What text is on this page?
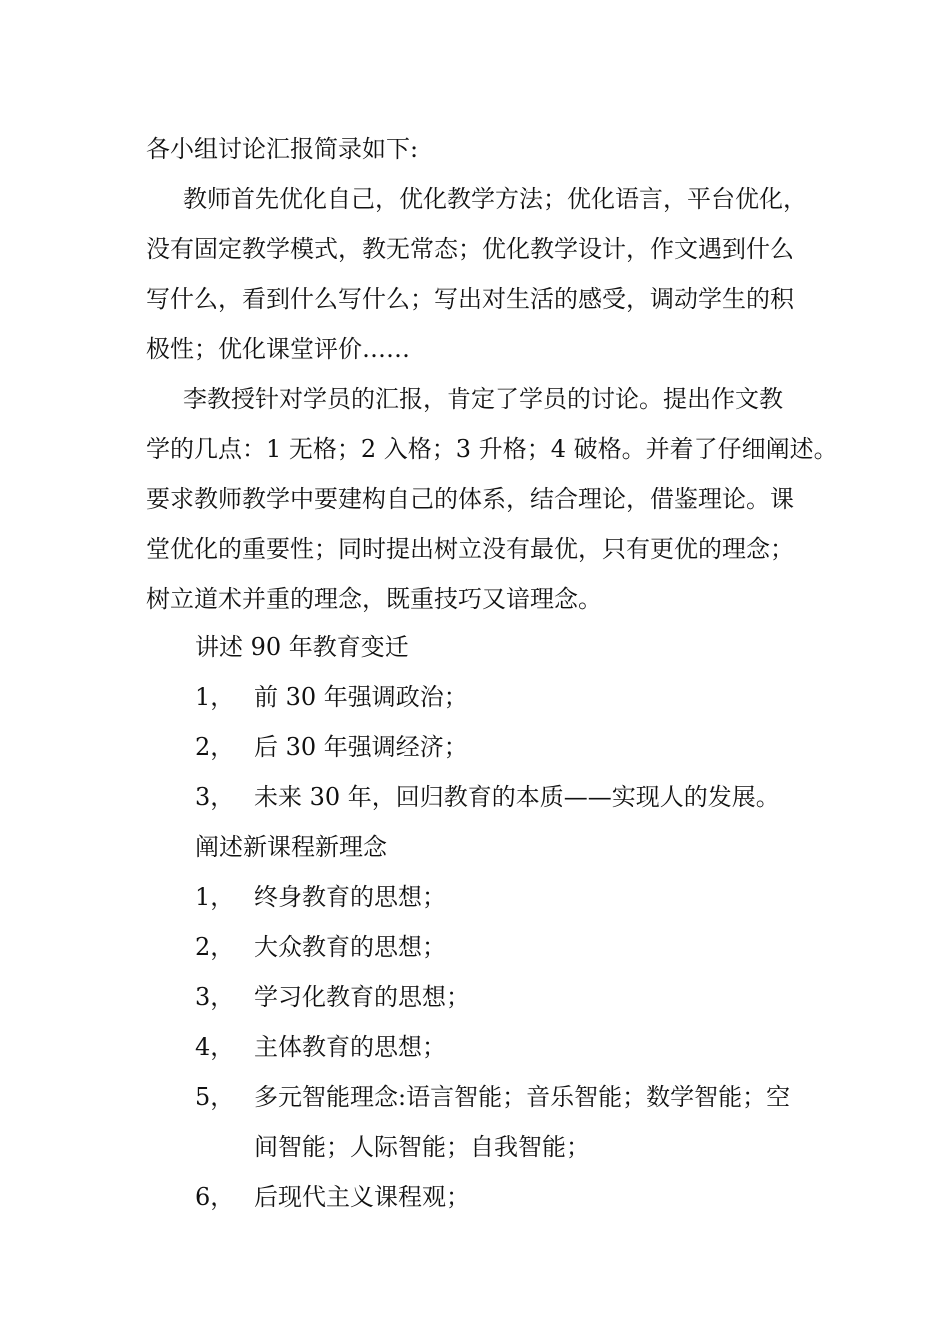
各小组讨论汇报简录如下:
教师首先优化自己，优化教学方法；优化语言，平台优化，
没有固定教学模式，教无常态；优化教学设计，作文遇到什么
写什么，看到什么写什么；写出对生活的感受，调动学生的积
极性；优化课堂评价……
李教授针对学员的汇报，肯定了学员的讨论。提出作文教
学的几点：1 无格；2 入格；3 升格；4 破格。并着了仔细阐述。
要求教师教学中要建构自己的体系，结合理论，借鉴理论。课
堂优化的重要性；同时提出树立没有最优，只有更优的理念；
树立道术并重的理念，既重技巧又谙理念。
讲述 90 年教育变迁
1， 前 30 年强调政治；
2， 后 30 年强调经济；
3， 未来 30 年，回归教育的本质——实现人的发展。
阐述新课程新理念
1， 终身教育的思想；
2， 大众教育的思想；
3， 学习化教育的思想；
4， 主体教育的思想；
5， 多元智能理念:语言智能；音乐智能；数学智能；空
间智能；人际智能；自我智能；
6， 后现代主义课程观；
